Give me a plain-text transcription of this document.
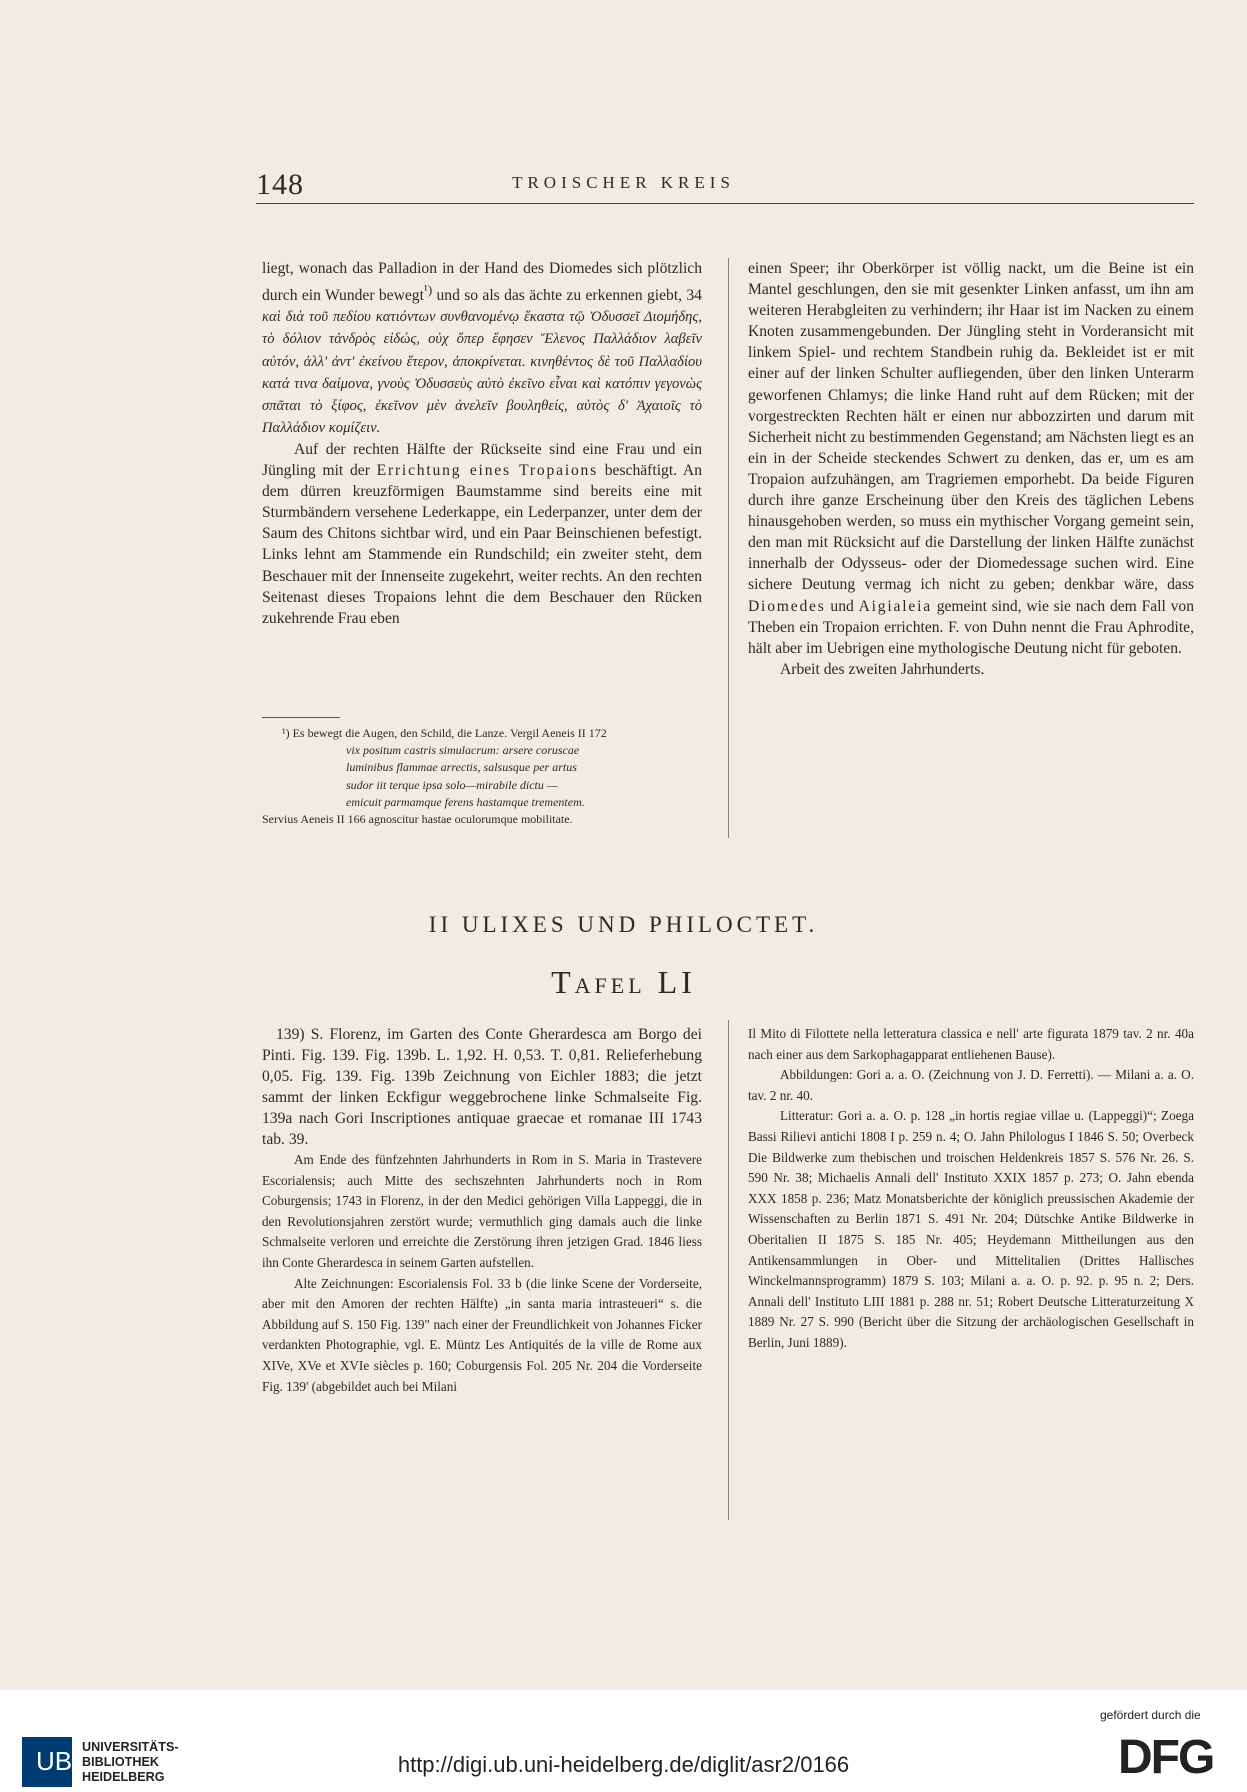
148	TROISCHER KREIS

liegt, wonach das Palladion in der Hand des Diomedes sich plötzlich durch ein Wunder bewegt$^{^1)}$ und so als das ächte zu erkennen giebt, 34 καὶ διὰ τοῦ πεδίου κατιόντων συνθανομένῳ ἕκαστα τῷ Ὀδυσσεῖ Διομήδης, τὸ δόλιον τἀνδρὸς εἰδώς, οὐχ ὅπερ ἔφησεν Ἕλενος Παλλάδιον λαβεῖν αὐτόν, ἀλλ' ἀντ' ἐκείνου ἕτερον, ἀποκρίνεται. κινηθέντος δὲ τοῦ Παλλαδίου κατά τινα δαίμονα, γνοὺς Ὀδυσσεὺς αὐτὸ ἐκεῖνο εἶναι καὶ κατόπιν γεγονὼς σπᾶται τὸ ξίφος, ἐκεῖνον μὲν ἀνελεῖν βουληθείς, αὐτὸς δ' Ἀχαιοῖς τὸ Παλλάδιον κομίζειν.

Auf der rechten Hälfte der Rückseite sind eine Frau und ein Jüngling mit der Errichtung eines Tropaions beschäftigt. An dem dürren kreuzförmigen Baumstamme sind bereits eine mit Sturmbändern versehene Lederkappe, ein Lederpanzer, unter dem der Saum des Chitons sichtbar wird, und ein Paar Beinschienen befestigt. Links lehnt am Stammende ein Rundschild; ein zweiter steht, dem Beschauer mit der Innenseite zugekehrt, weiter rechts. An den rechten Seitenast dieses Tropaions lehnt die dem Beschauer den Rücken zukehrende Frau eben

¹) Es bewegt die Augen, den Schild, die Lanze. Vergil Aeneis II 172

vix positum castris simulacrum: arsere coruscae

luminibus flammae arrectis, salsusque per artus

sudor iit terque ipsa solo—mirabile dictu —

emicuit parmamque ferens hastamque trementem.

Servius Aeneis II 166 agnoscitur hastae oculorumque mobilitate.

einen Speer; ihr Oberkörper ist völlig nackt, um die Beine ist ein Mantel geschlungen, den sie mit gesenkter Linken anfasst, um ihn am weiteren Herabgleiten zu verhindern; ihr Haar ist im Nacken zu einem Knoten zusammengebunden. Der Jüngling steht in Vorderansicht mit linkem Spiel- und rechtem Standbein ruhig da. Bekleidet ist er mit einer auf der linken Schulter aufliegenden, über den linken Unterarm geworfenen Chlamys; die linke Hand ruht auf dem Rücken; mit der vorgestreckten Rechten hält er einen nur abbozzirten und darum mit Sicherheit nicht zu bestimmenden Gegenstand; am Nächsten liegt es an ein in der Scheide steckendes Schwert zu denken, das er, um es am Tropaion aufzuhängen, am Tragriemen emporhebt. Da beide Figuren durch ihre ganze Erscheinung über den Kreis des täglichen Lebens hinausgehoben werden, so muss ein mythischer Vorgang gemeint sein, den man mit Rücksicht auf die Darstellung der linken Hälfte zunächst innerhalb der Odysseus- oder der Diomedessage suchen wird. Eine sichere Deutung vermag ich nicht zu geben; denkbar wäre, dass Diomedes und Aigialeia gemeint sind, wie sie nach dem Fall von Theben ein Tropaion errichten. F. von Duhn nennt die Frau Aphrodite, hält aber im Uebrigen eine mythologische Deutung nicht für geboten.

Arbeit des zweiten Jahrhunderts.

II ULIXES UND PHILOCTET.
Tafel LI

139) S. Florenz, im Garten des Conte Gherardesca am Borgo dei Pinti. Fig. 139. Fig. 139b. L. 1,92. H. 0,53. T. 0,81. Relieferhebung 0,05. Fig. 139. Fig. 139b Zeichnung von Eichler 1883; die jetzt sammt der linken Eckfigur weggebrochene linke Schmalseite Fig. 139a nach Gori Inscriptiones antiquae graecae et romanae III 1743 tab. 39.

Am Ende des fünfzehnten Jahrhunderts in Rom in S. Maria in Trastevere Escorialensis; auch Mitte des sechszehnten Jahrhunderts noch in Rom Coburgensis; 1743 in Florenz, in der den Medici gehörigen Villa Lappeggi, die in den Revolutionsjahren zerstört wurde; vermuthlich ging damals auch die linke Schmalseite verloren und erreichte die Zerstörung ihren jetzigen Grad. 1846 liess ihn Conte Gherardesca in seinem Garten aufstellen.

Alte Zeichnungen: Escorialensis Fol. 33 b (die linke Scene der Vorderseite, aber mit den Amoren der rechten Hälfte) „in santa maria intrasteueri“ s. die Abbildung auf S. 150 Fig. 139" nach einer der Freundlichkeit von Johannes Ficker verdankten Photographie, vgl. E. Müntz Les Antiquités de la ville de Rome aux XIVe, XVe et XVIe siècles p. 160; Coburgensis Fol. 205 Nr. 204 die Vorderseite Fig. 139' (abgebildet auch bei Milani

Il Mito di Filottete nella letteratura classica e nell' arte figurata 1879 tav. 2 nr. 40a nach einer aus dem Sarkophagapparat entliehenen Bause).

Abbildungen: Gori a. a. O. (Zeichnung von J. D. Ferretti). — Milani a. a. O. tav. 2 nr. 40.

Litteratur: Gori a. a. O. p. 128 „in hortis regiae villae u. (Lappeggi)“; Zoega Bassi Rilievi antichi 1808 I p. 259 n. 4; O. Jahn Philologus I 1846 S. 50; Overbeck Die Bildwerke zum thebischen und troischen Heldenkreis 1857 S. 576 Nr. 26. S. 590 Nr. 38; Michaelis Annali dell' Instituto XXIX 1857 p. 273; O. Jahn ebenda XXX 1858 p. 236; Matz Monatsberichte der königlich preussischen Akademie der Wissenschaften zu Berlin 1871 S. 491 Nr. 204; Dütschke Antike Bildwerke in Oberitalien II 1875 S. 185 Nr. 405; Heydemann Mittheilungen aus den Antikensammlungen in Ober- und Mittelitalien (Drittes Hallisches Winckelmannsprogramm) 1879 S. 103; Milani a. a. O. p. 92. p. 95 n. 2; Ders. Annali dell' Instituto LIII 1881 p. 288 nr. 51; Robert Deutsche Litteraturzeitung X 1889 Nr. 27 S. 990 (Bericht über die Sitzung der archäologischen Gesellschaft in Berlin, Juni 1889).

UB UNIVERSITÄTS-
BIBLIOTHEK
HEIDELBERG	http://digi.ub.uni-heidelberg.de/diglit/asr2/0166
gefördert durch die
DFG
